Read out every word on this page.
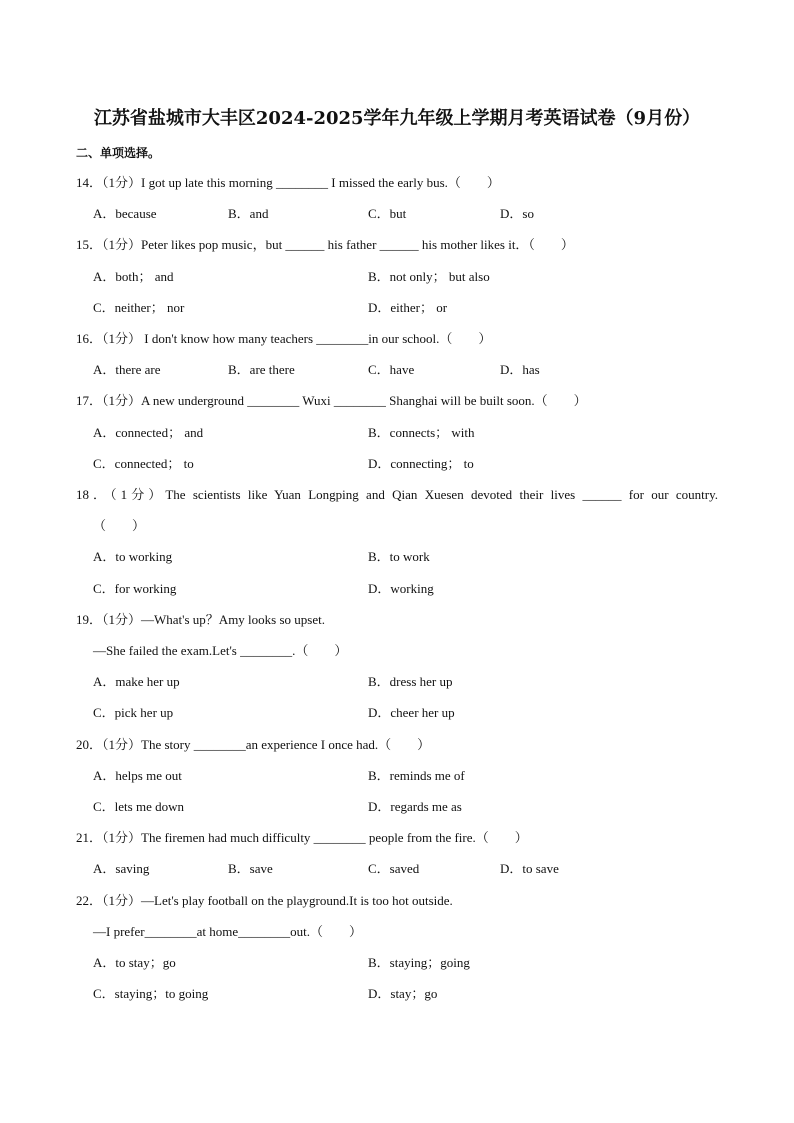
江苏省盐城市大丰区2024-2025学年九年级上学期月考英语试卷（9月份）
二、单项选择。
14．（1分）I got up late this morning ________ I missed the early bus.（　　）
A．because	B．and	C．but	D．so
15．（1分）Peter likes pop music，but ______ his father ______ his mother likes it．（　　）
A．both； and	B．not only； but also
C．neither； nor	D．either； or
16．（1分） I don't know how many teachers ________in our school.（　　）
A．there are	B．are there	C．have	D．has
17．（1分）A new underground ________ Wuxi ________ Shanghai will be built soon.（　　）
A．connected； and	B．connects； with
C．connected； to	D．connecting； to
18．（1分）The scientists like Yuan Longping and Qian Xuesen devoted their lives ______ for our country.
（　　）
A．to working	B．to work
C．for working	D．working
19．（1分）—What's up？Amy looks so upset.
—She failed the exam.Let's ________.（　　）
A．make her up	B．dress her up
C．pick her up	D．cheer her up
20．（1分）The story ________an experience I once had.（　　）
A．helps me out	B．reminds me of
C．lets me down	D．regards me as
21．（1分）The firemen had much difficulty ________ people from the fire.（　　）
A．saving	B．save	C．saved	D．to save
22．（1分）—Let's play football on the playground.It is too hot outside.
—I prefer________at home________out.（　　）
A．to stay；go	B．staying；going
C．staying；to going	D．stay；go
